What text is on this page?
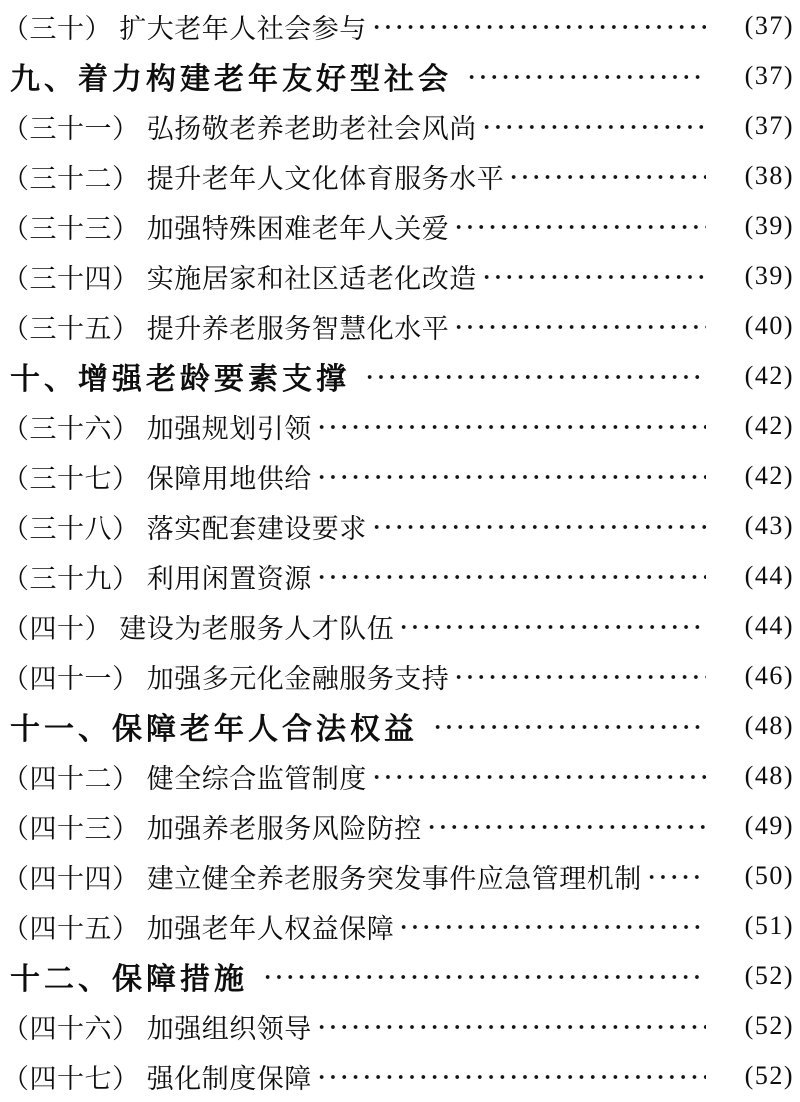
（三十） 扩大老年人社会参与	(37)
九、着力构建老年友好型社会	(37)
（三十一） 弘扬敬老养老助老社会风尚	(37)
（三十二） 提升老年人文化体育服务水平	(38)
（三十三） 加强特殊困难老年人关爱	(39)
（三十四） 实施居家和社区适老化改造	(39)
（三十五） 提升养老服务智慧化水平	(40)
十、增强老龄要素支撑	(42)
（三十六） 加强规划引领	(42)
（三十七） 保障用地供给	(42)
（三十八） 落实配套建设要求	(43)
（三十九） 利用闲置资源	(44)
（四十） 建设为老服务人才队伍	(44)
（四十一） 加强多元化金融服务支持	(46)
十一、保障老年人合法权益	(48)
（四十二） 健全综合监管制度	(48)
（四十三） 加强养老服务风险防控	(49)
（四十四） 建立健全养老服务突发事件应急管理机制	(50)
（四十五） 加强老年人权益保障	(51)
十二、保障措施	(52)
（四十六） 加强组织领导	(52)
（四十七） 强化制度保障	(52)
